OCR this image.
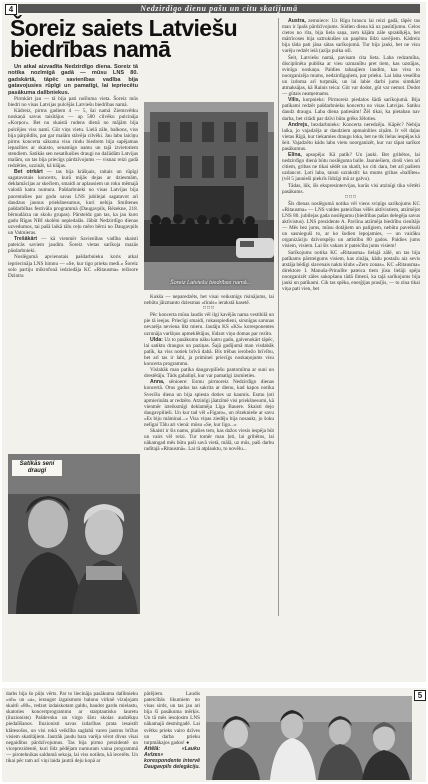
4	Nedzirdigo dienu pašu un citu skatījumā
Šoreiz saiets Latviešu
biedrības namā

Un atkal aizvadīta Nedzirdīgo diena. Šoreiz tā notika nozīmīgā gadā — mūsu LNS 80. gadskārtā, tāpēc savienības vadība bija gatavojusies rūpīgi un pamatīgi, lai iepriecētu pasākuma dalībniekus.

Pirmkārt jau — tā bija pati nošluma vieta. Šoreiz mūs biedri no visas Latvijas pulcējās Latviešu biedrības namā.

Kādreiz, pirms gadiem 4 — 5, šai namā Ziemsvētku noskaņā savus taisītājus — ap 500 cilvēku pulcināja «Korpor». Bet nu skaistā rudens dienā no mājām bija pulcējies viss namī. Gūt viņs vietu. Lielā zāle, balkons, viss bija pārpildīts, pat gar malām stāvēja cilvēki. Jau labu laiciņu pirms koncerta sākuma visu rindu biedrem bija sapējamas iepazīties ar skaisto, senatnīgo namu un tajā izvietotiem stendiem. Satikās sen nesatikušies draugi no dažādām Latvijas malām, un tas bija priecīgs pārdzīvojums — visnaz reizi gadā redzēties, uzzināt, kā klājas.

Bet otrkārt — tas bija krāšņais, raitais un rūpīgi sagatavotais koncerts, kurā mijās dejas ar dziesmām, deklamācijas ar skečiem, smaidi ar aplausiem un roku mēmajā valodā katra numura. Pašdarbnieki no visas Latvijas bija pacentušies par godu savas LNS jubilejai sagatavot arī daudzus jaunus priekšnesumus, kuri nebija Smiltenes pašdarbības festivāla programmā (Daugavpils, Rēzekne, 218. bērnudārza un skolu grupas). Pārsteidz gan tas, ka jau kuro gadu Rīgas NBI skolēni nepiedalās. Jābūt Nedzirdīgo dienas uzvedumos, tai pašā laikā tālu ceļu mēro bērni no Daugavpils un Valmieras.

Trešākārt — kā vienmēr Savienības vadība skaisti pateicās saviem jaudim. Šoreiz vietas sarīkoja mazās pāsdarbnieki.

Noslēgumā apvienotais pašdarbnieku koris atkal iepriecināja LNS himnu — «Se, kur tigo prieku medi.» Šoreiz solo partiju mīkrofonā iedziedāja KC «Ritausma» režisore Dzintra

Šoreiz Latviešu biedrības namā...

Kukša — neparedzēts, bet visai veiksmīgs risinājums, lai nebūtu jāizmanto dziesmas «tīrais» ierakstā kasetē.

□□□

Pēc koncerta mūsu laudis vēl ilgi kavējās nama vestibilā un pie tā ieejas. Priecīgi smaidi, rokasspiedieni, sirsnīgas sarunas nevarēja neviena likt mieru. Jautāju KS «KS» koresponentes uzrunāja varšiņus apmeklētājus, lūdzot viņu domas par rezīto.

Ulda: Uz to pasākumu nāku katru gadu, galvenokārt tāpēc, lai satiktu draugus un paziņas. Šajā gadījumā man visdabāk patīk, ka viss notiek brīvā dabā. Bīs trēbas ierobežo brīvību, bet arī tas ir labi, ja priminei priecīgs noskaņojums visu koncerta programmu.

Vislabāk man patika daugavpilīešu pantomīma ar suni un drestētāju. Tāds gabaliņš, kur var pamatīgi izsmieties.

Anna, sēnioere: Esmu pirmoreiz Nedzirdīgo dienas koncertā. Otus gadus tas sakrita ar dienu, kad kapos notika Svecīšu diena un bija spiesta doties uz kaumis. Esmu ļoti apmierināta ar redzēto. Atzinīgi jāatzīmē visi priekšnesumi, kā vienmēr izteiksmīgi deklamēja Līga Bauere. Skaisti dejo daugavpilieši. Un kur tad vēl «Figaro», un rēzeknieše ar savu «Es biju māminai...» Visa viņas ziedēju bija nosaukt, jo šoku nelīgai Tālu ari vienā: mūsu «Se, kur līgo...»

Skaisti ir šis nams, plašies tem, kas dažos viesis iespēja būt un vairs vēl reizi. Tur tomēr man ļoti, lai gribētos, lai nākamgad mēs būtu paši savā vietā, mālā, uz mūs, paši darbu radītajā «Ritausmā». Lai tā atplauktu, to novēlu...

Austra, zemniece: Uz Rīgu braucu lai reizi gadā, tāpēc tas man ir īpašs pārdzīvojums. Sūdien diena kā uz pasūtījumu. Celos cietos no rīta, bija liela saņa, zem kājām zāle sprakšķēja, bet mātrīcoses bija uztrukušies un paņēmu līdzi savējiem. Kādreiz bija tāda pati jāna sātas sarīkojumā. Tur bija jauki, bet ne visu varēju redzēt ieiā (azīja pulka ošl.

Šeit, Latviešu namā, pavisam cita lieta. Laba redzamība, disciplinēta publika ar vieu uzmanību pret tiem, kas uzstājas, svinīga noskaņa. Paldies tabaajiem laudim, kas visu to noorganizēja mums, nedzirdīgajiem, par prieku. Lai laba veselība un izdoma arī turpmāk, un lai labie darbi jums simtkārt atmaksājas, kā Rainis teica: Gūt var dodot, gūt var nemot. Dodot — gūtais neatņemams.

Vilis, kurpnieks: Pirmoreiz piedalos šādā sarīkojumā. Bija patīkami redzēt pašdarbnieku koncertu no visas Latvijas. Satiku daudz draugu. Laba diena patiesām! Žēl tikai, ka pietaban nav darba, bet citādi par dzīvi būtu grēks žēloties.

Andrejs, bezdarbnieks: Koncerta neredzēju. Kāpēc? Nebija laika, jo vajadzēja ar daudziem apmainīties ziņām. Ir vēl daļas vietas Rīgā, kur tiekamies draugu loka, bet ne tik lielas iespējas kā šeit. Vajadzētu kādu labu vietu noorganizēt, kur var tāpat sarīkot pasākumus.

Elīna, apsopēja: Kā patīk? Un jauki. Bet gribētos, lai nedzirdīgo dienā būtu noslēguma balle. Jauniešiem, droši vien arī citiem, gribas ne tikai sēdēt un skatīt, ko citi dara, bet arī pašiem uzdancot. Ļoti laba, taisni uzrakstīt: ka mums gribas «ballītes» (vēl 5 jaunieši piekrīs līdzīgi mā ar galvu).

Tādas, lūk, šīs ekspresintervijas, kurās visi atzinīgi tika vērtēti pasākums.

□□□

Šīs dienas noslēgumā notika vēl viens sviņīgs sarīkojums KC «Ritausma» — LNS valdes pateicības vēlēs aktīvistiem, atzīmējot LNS 80. jubilejas gada noslēgumu (biedrības pašas delegēja savus aktīvistus). LNS prezidente A. Pavlina atzīmēja biedrību cienītājs — Mēs bez jums, mūsu dotājiem un palīgiem, nebūtu paveikuši un sasnieguši to, ar ko šodien lepojamies, — un vairāku organizāciju dzīvotspēju un attīstību 80 gados. Paldies jums visiem, visiem. Lai šis vakars ir pateicība jums visiem!

Sarīkojums notika KC «Ritausma» lielajā zālē, un tas bija patīkams pārsteigums visiem, kas zināja, kādu postažu aiz sevis atstāja bēdīgi slavenais nakts klubs «Zero zonas». KC «Ritausma» direktore I. Manuša-Prinulīte pateica tiem jūsu lielāji spēja noorganizēt zāles sakopšanu tādā līmenī, ka tajā sarīkojums bija jauki un patīkami. Cik tas spēka, enerģijas prasījis, — to zina tikai viņa pati vien, bet

Satikās seni draugi
5
darbs bija šo pūļu vērts. Par to liecināja pasākuma dalībnieku «oh» un «a», ieraugot izgaismoto balonu virknē vizuļojam skaitli «80», redzot izdaiskotam galdu, baudot gardu mielastu, skatoties koncertprogrammu ar starptautisko lauretu (iluzionists) Pašdevsku un virgo šāru skolas audzēkņu piedalīšanos. Iluzionisti savas izdarības prata iesaistīt klātesošos, un visi rokā veiklība saglabā varen jautrus brīžus visiem skatītājiem. Jautrāk jaudu bara varēja vērot divus vīsai negaidītus pārdzīvojumus. Tas bija pirmo prezidentē un viceprezidentē, kuri līdz pēdējam numuram vaina programmā — pirotehnikas saldumā sekoja, lai viss notiktu, kā iecerēts. Un tikai pēc tam arī viņi laida jautrā deju kopā ar

pārējiem. Laudis pateicībās likumiem no visas sirds, un tas jau ari bija šī pasākuma mērķis. Un tā mēs iesoļosim LNS nākamajā desmitgadē. Lai svētku prieks vairo dzīves un darba prieku turpmākajos gados! ●

Attēlā: «Lauku Avīzes» korespondente intervē Daugavpils delegāciju.
